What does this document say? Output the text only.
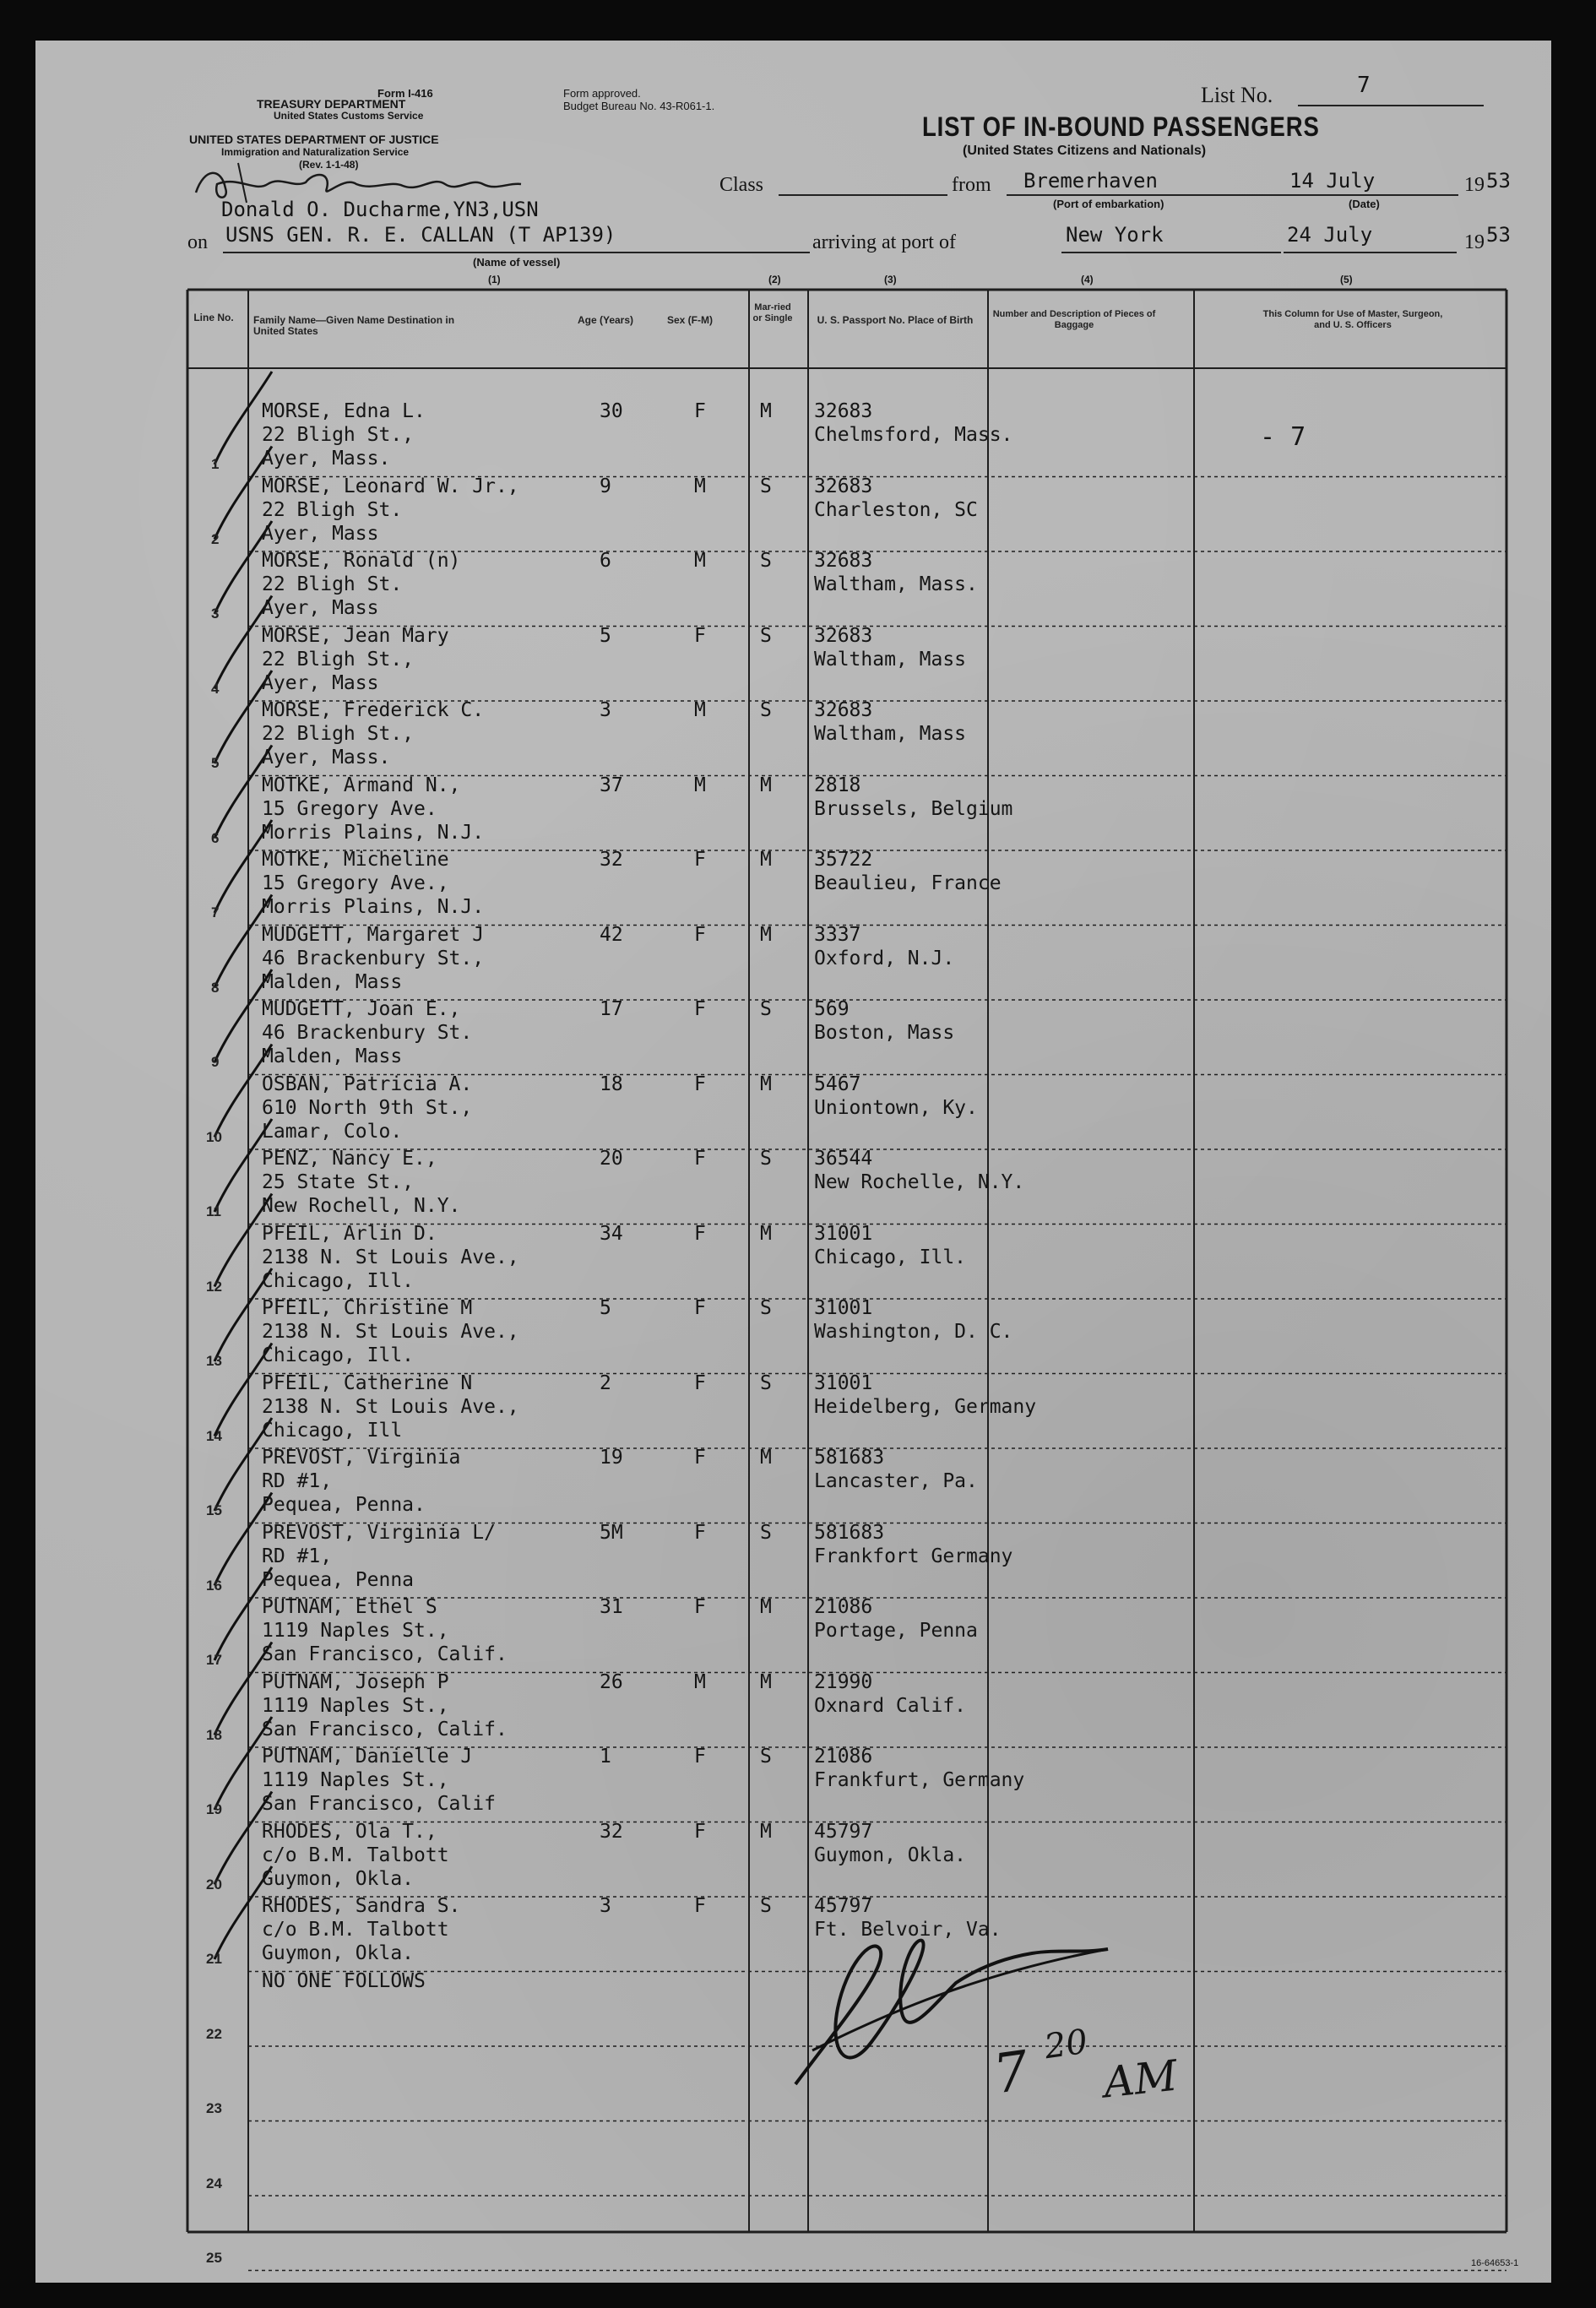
Form I-416
TREASURY DEPARTMENT
United States Customs Service
UNITED STATES DEPARTMENT OF JUSTICE
Immigration and Naturalization Service
(Rev. 1-1-48)
Form approved.
Budget Bureau No. 43-R061-1.	List No.	7
LIST OF IN-BOUND PASSENGERS
(United States Citizens and Nationals)
Donald O. Ducharme,YN3,USN
Class	from Bremerhaven
(Port of embarkation)
14 July	19 53
(Date)
on USNS GEN. R. E. CALLAN (T AP139)
(Name of vessel)
arriving at port of	New York	24 July	19 53
(1)	(2)	(3)	(4)	(5)
Line No.	Family Name—Given Name Destination in United States
Age (Years)	Sex (F-M)
Mar-ried or Single	U. S. Passport No. Place of Birth	Number and Description of Pieces of Baggage
This Column for Use of Master, Surgeon, and U. S. Officers
1
MORSE, Edna L.
22 Bligh St.,
Ayer, Mass.
30	F	M 32683
Chelmsford, Mass.	- 7
2
MORSE, Leonard W. Jr.,
22 Bligh St.
Ayer, Mass
9	M	S 32683
Charleston, SC
3
MORSE, Ronald (n)
22 Bligh St.
Ayer, Mass
6	M	S 32683
Waltham, Mass.
4
MORSE, Jean Mary
22 Bligh St.,
Ayer, Mass
5	F	S 32683
Waltham, Mass
5
MORSE, Frederick C.
22 Bligh St.,
Ayer, Mass.
3	M	S 32683
Waltham, Mass
6
MOTKE, Armand N.,
15 Gregory Ave.
Morris Plains, N.J.
37	M	M 2818
Brussels, Belgium
7
MOTKE, Micheline
15 Gregory Ave.,
Morris Plains, N.J.
32	F	M 35722
Beaulieu, France
8
MUDGETT, Margaret J
46 Brackenbury St.,
Malden, Mass
42	F	M 3337
Oxford, N.J.
9
MUDGETT, Joan E.,
46 Brackenbury St.
Malden, Mass
17	F	S 569
Boston, Mass
10
OSBAN, Patricia A.
610 North 9th St.,
Lamar, Colo.
18	F	M 5467
Uniontown, Ky.
11
PENZ, Nancy E.,
25 State St.,
New Rochell, N.Y.
20	F	S 36544
New Rochelle, N.Y.
12
PFEIL, Arlin D.
2138 N. St Louis Ave.,
Chicago, Ill.
34	F	M 31001
Chicago, Ill.
13
PFEIL, Christine M
2138 N. St Louis Ave.,
Chicago, Ill.
5	F	S 31001
Washington, D. C.
14
PFEIL, Catherine N
2138 N. St Louis Ave.,
Chicago, Ill
2	F	S 31001
Heidelberg, Germany
15
PREVOST, Virginia
RD #1,
Pequea, Penna.
19	F	M 581683
Lancaster, Pa.
16
PREVOST, Virginia L/
RD #1,
Pequea, Penna
5M	F	S 581683
Frankfort Germany
17
PUTNAM, Ethel S
1119 Naples St.,
San Francisco, Calif.
31	F	M 21086
Portage, Penna
18
PUTNAM, Joseph P
1119 Naples St.,
San Francisco, Calif.
26	M	M 21990
Oxnard Calif.
19
PUTNAM, Danielle J
1119 Naples St.,
San Francisco, Calif
1	F	S 21086
Frankfurt, Germany
20
RHODES, Ola T.,
c/o B.M. Talbott
Guymon, Okla.
32	F	M 45797
Guymon, Okla.
21
RHODES, Sandra S.
c/o B.M. Talbott
Guymon, Okla.
3	F	S 45797
Ft. Belvoir, Va.
22
NO ONE FOLLOWS
23
24
25
7 20
AM
16-64653-1
